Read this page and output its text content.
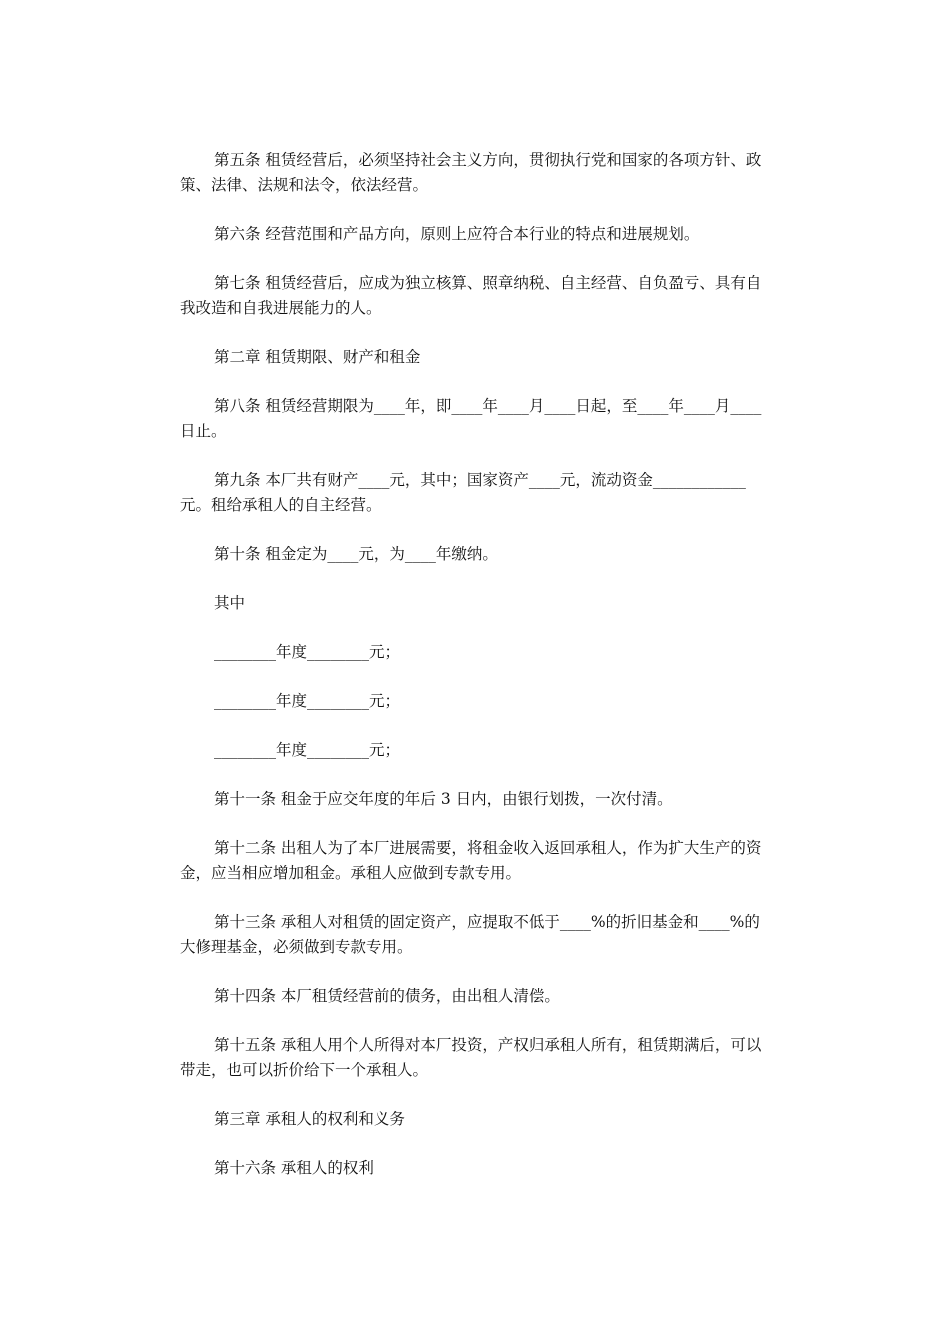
第五条 租赁经营后，必须坚持社会主义方向，贯彻执行党和国家的各项方针、政策、法律、法规和法令，依法经营。

第六条 经营范围和产品方向，原则上应符合本行业的特点和进展规划。

第七条 租赁经营后，应成为独立核算、照章纳税、自主经营、自负盈亏、具有自我改造和自我进展能力的人。

第二章 租赁期限、财产和租金

第八条 租赁经营期限为____年，即____年____月____日起，至____年____月____日止。

第九条 本厂共有财产____元，其中；国家资产____元，流动资金____________元。租给承租人的自主经营。

第十条 租金定为____元，为____年缴纳。

其中

________年度________元；

________年度________元；

________年度________元；

第十一条 租金于应交年度的年后 3 日内，由银行划拨，一次付清。

第十二条 出租人为了本厂进展需要，将租金收入返回承租人，作为扩大生产的资金，应当相应增加租金。承租人应做到专款专用。

第十三条 承租人对租赁的固定资产，应提取不低于____%的折旧基金和____%的大修理基金，必须做到专款专用。

第十四条 本厂租赁经营前的债务，由出租人清偿。

第十五条 承租人用个人所得对本厂投资，产权归承租人所有，租赁期满后，可以带走，也可以折价给下一个承租人。

第三章 承租人的权利和义务

第十六条 承租人的权利
